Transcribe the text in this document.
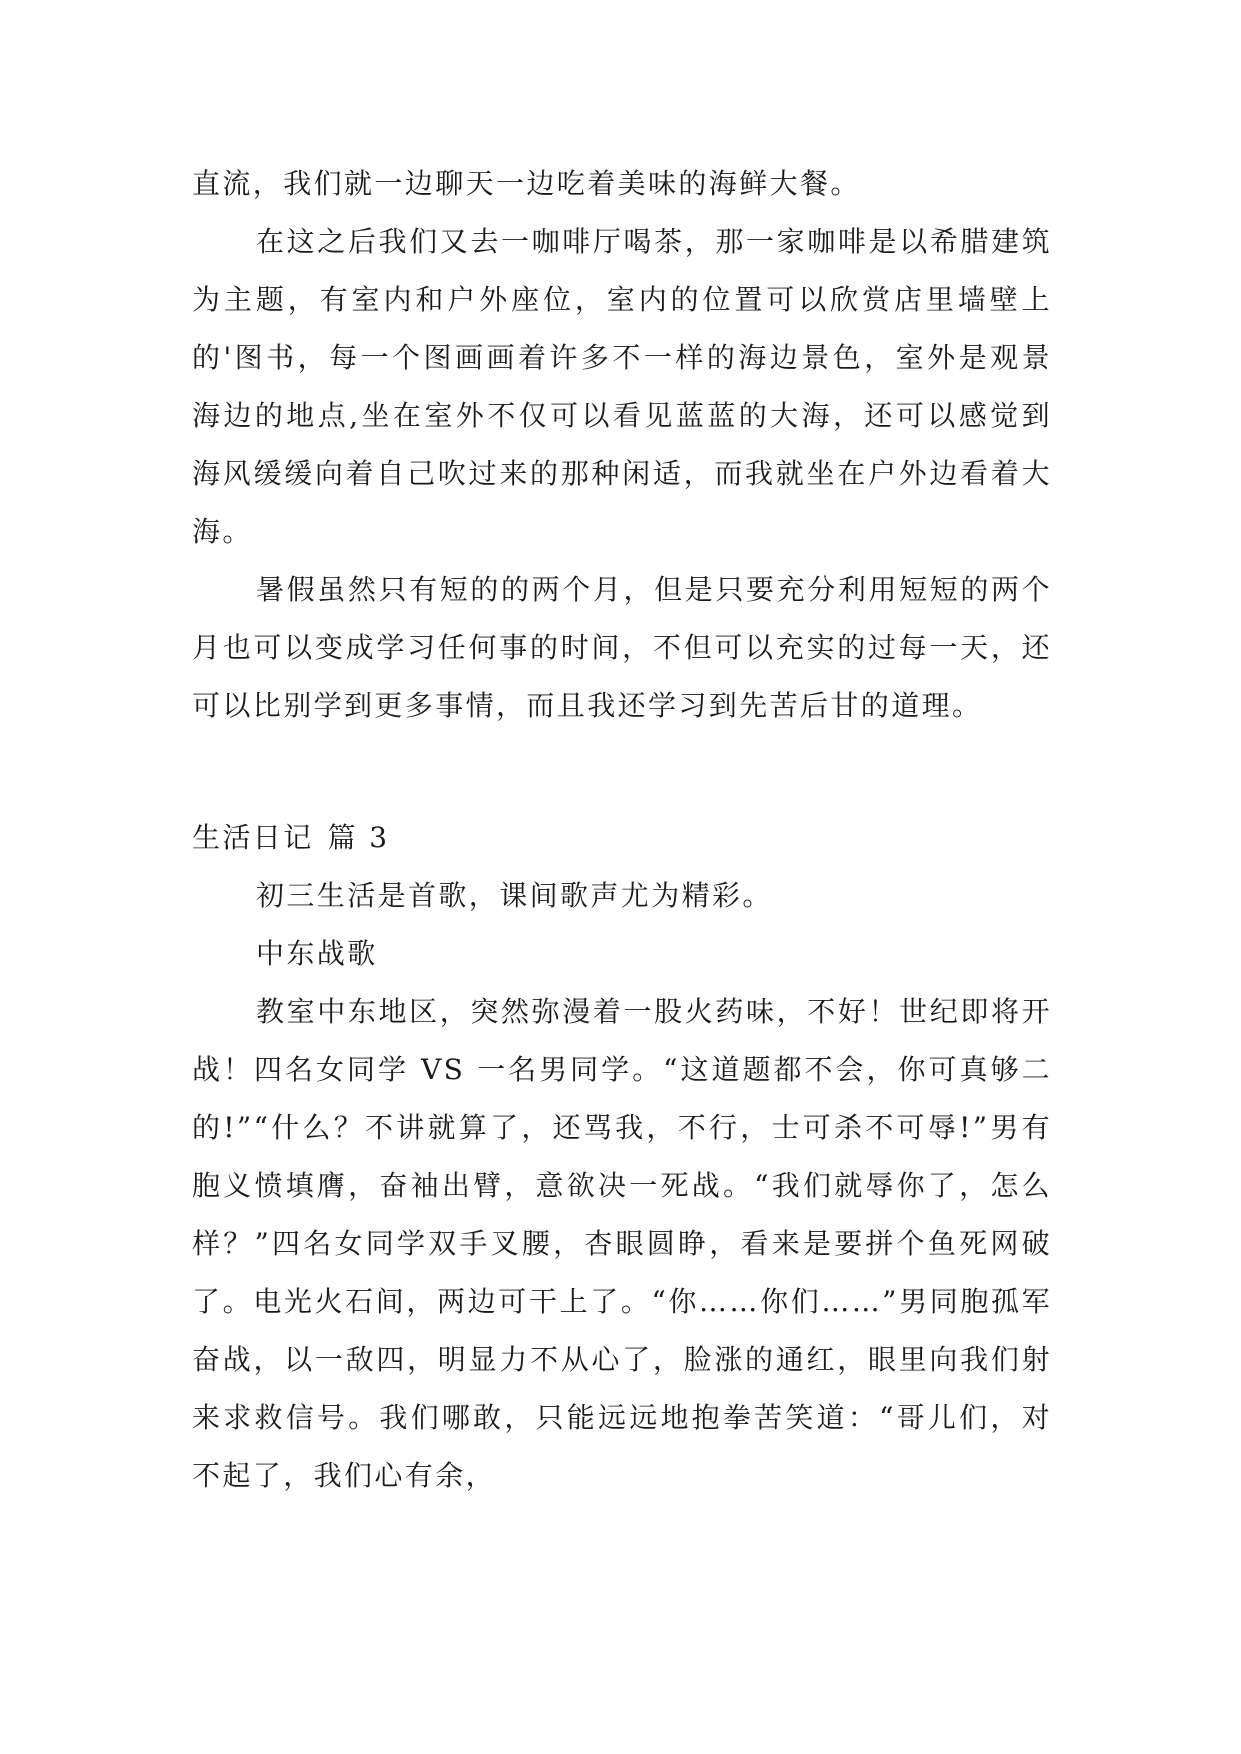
直流，我们就一边聊天一边吃着美味的海鲜大餐。

在这之后我们又去一咖啡厅喝茶，那一家咖啡是以希腊建筑为主题，有室内和户外座位，室内的位置可以欣赏店里墙壁上的'图书，每一个图画画着许多不一样的海边景色，室外是观景海边的地点,坐在室外不仅可以看见蓝蓝的大海，还可以感觉到海风缓缓向着自己吹过来的那种闲适，而我就坐在户外边看着大海。

暑假虽然只有短的的两个月，但是只要充分利用短短的两个月也可以变成学习任何事的时间，不但可以充实的过每一天，还可以比别学到更多事情，而且我还学习到先苦后甘的道理。

生活日记 篇 3

初三生活是首歌，课间歌声尤为精彩。

中东战歌

教室中东地区，突然弥漫着一股火药味，不好！世纪即将开战！四名女同学 VS 一名男同学。“这道题都不会，你可真够二的!”“什么？不讲就算了，还骂我，不行，士可杀不可辱!”男有胞义愤填膺，奋袖出臂，意欲决一死战。“我们就辱你了，怎么样？”四名女同学双手叉腰，杏眼圆睁，看来是要拼个鱼死网破了。电光火石间，两边可干上了。“你……你们……”男同胞孤军奋战，以一敌四，明显力不从心了，脸涨的通红，眼里向我们射来求救信号。我们哪敢，只能远远地抱拳苦笑道：“哥儿们，对不起了，我们心有余，
